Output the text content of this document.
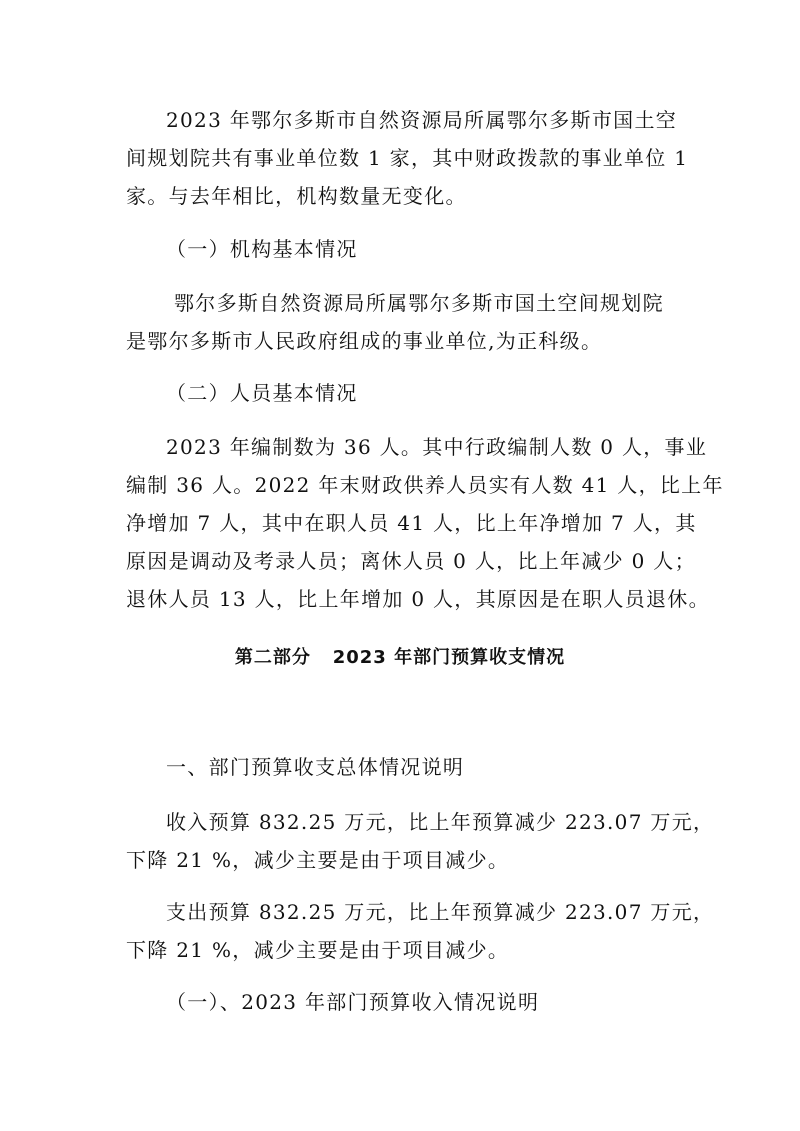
2023 年鄂尔多斯市自然资源局所属鄂尔多斯市国土空
间规划院共有事业单位数 1 家，其中财政拨款的事业单位 1
家。与去年相比，机构数量无变化。
（一）机构基本情况
鄂尔多斯自然资源局所属鄂尔多斯市国土空间规划院
是鄂尔多斯市人民政府组成的事业单位,为正科级。
（二）人员基本情况
2023 年编制数为 36 人。其中行政编制人数 0 人，事业
编制 36 人。2022 年末财政供养人员实有人数 41 人，比上年
净增加 7 人，其中在职人员 41 人，比上年净增加 7 人，其
原因是调动及考录人员；离休人员 0 人，比上年减少 0 人；
退休人员 13 人，比上年增加 0 人，其原因是在职人员退休。
第二部分   2023 年部门预算收支情况
一、部门预算收支总体情况说明
收入预算 832.25 万元，比上年预算减少 223.07 万元，
下降 21 %，减少主要是由于项目减少。
支出预算 832.25 万元，比上年预算减少 223.07 万元，
下降 21 %，减少主要是由于项目减少。
（一）、2023 年部门预算收入情况说明
